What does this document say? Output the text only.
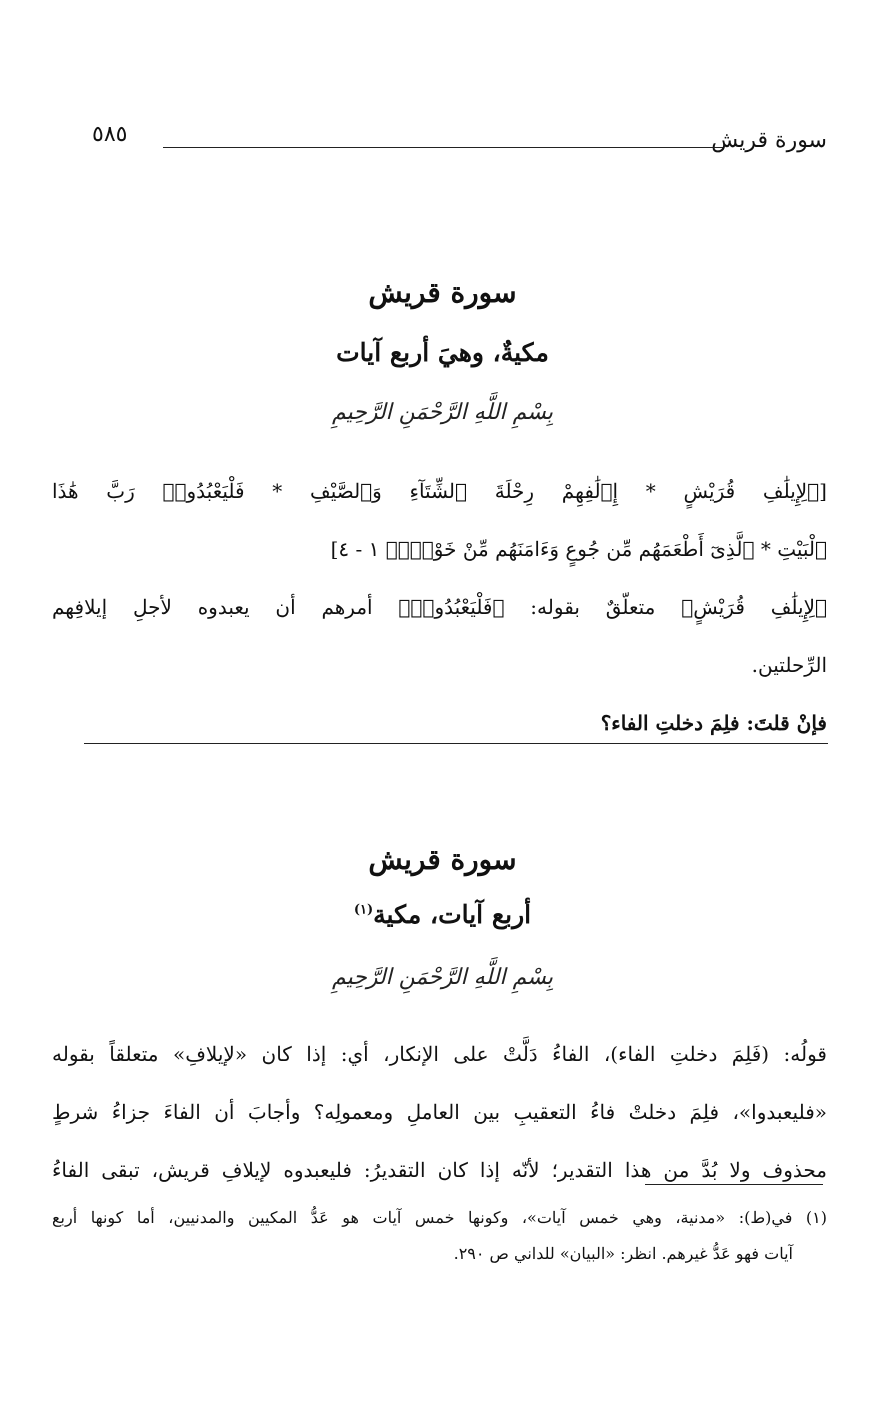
سورة قريش
٥٨٥
سورة قريش
مكيةٌ، وهيَ أربع آيات
بِسْمِ اللَّهِ الرَّحْمَنِ الرَّحِيمِ
[﴿لِإِيلَٰفِ قُرَيْشٍ * إِۦلَٰفِهِمْ رِحْلَةَ ٱلشِّتَآءِ وَٱلصَّيْفِ * فَلْيَعْبُدُوا۟ رَبَّ هَٰذَا
ٱلْبَيْتِ * ٱلَّذِىٓ أَطْعَمَهُم مِّن جُوعٍ وَءَامَنَهُم مِّنْ خَوْفٍۭ﴾ ١ - ٤]
﴿لِإِيلَٰفِ قُرَيْشٍ﴾ متعلّقٌ بقوله: ﴿فَلْيَعْبُدُوا۟﴾ أمرهم أن يعبدوه لأجلِ إيلافِهم
الرِّحلتين.
فإنْ قلتَ: فلِمَ دخلتِ الفاء؟
سورة قريش
أربع آيات، مكية$^{(١)}$
بِسْمِ اللَّهِ الرَّحْمَنِ الرَّحِيمِ
قولُه: (فَلِمَ دخلتِ الفاء)، الفاءُ دَلَّتْ على الإنكار، أي: إذا كان «لإيلافِ» متعلقاً بقوله
«فليعبدوا»، فلِمَ دخلتْ فاءُ التعقيبِ بين العاملِ ومعمولِه؟ وأجابَ أن الفاءَ جزاءُ شرطٍ
محذوف ولا بُدَّ من هذا التقدير؛ لأنّه إذا كان التقديرُ: فليعبدوه لإيلافِ قريش، تبقى الفاءُ
(١) في(ط): «مدنية، وهي خمس آيات»، وكونها خمس آيات هو عَدُّ المكيين والمدنيين، أما كونها أربع
آيات فهو عَدُّ غيرهم. انظر: «البيان» للداني ص ٢٩٠.
